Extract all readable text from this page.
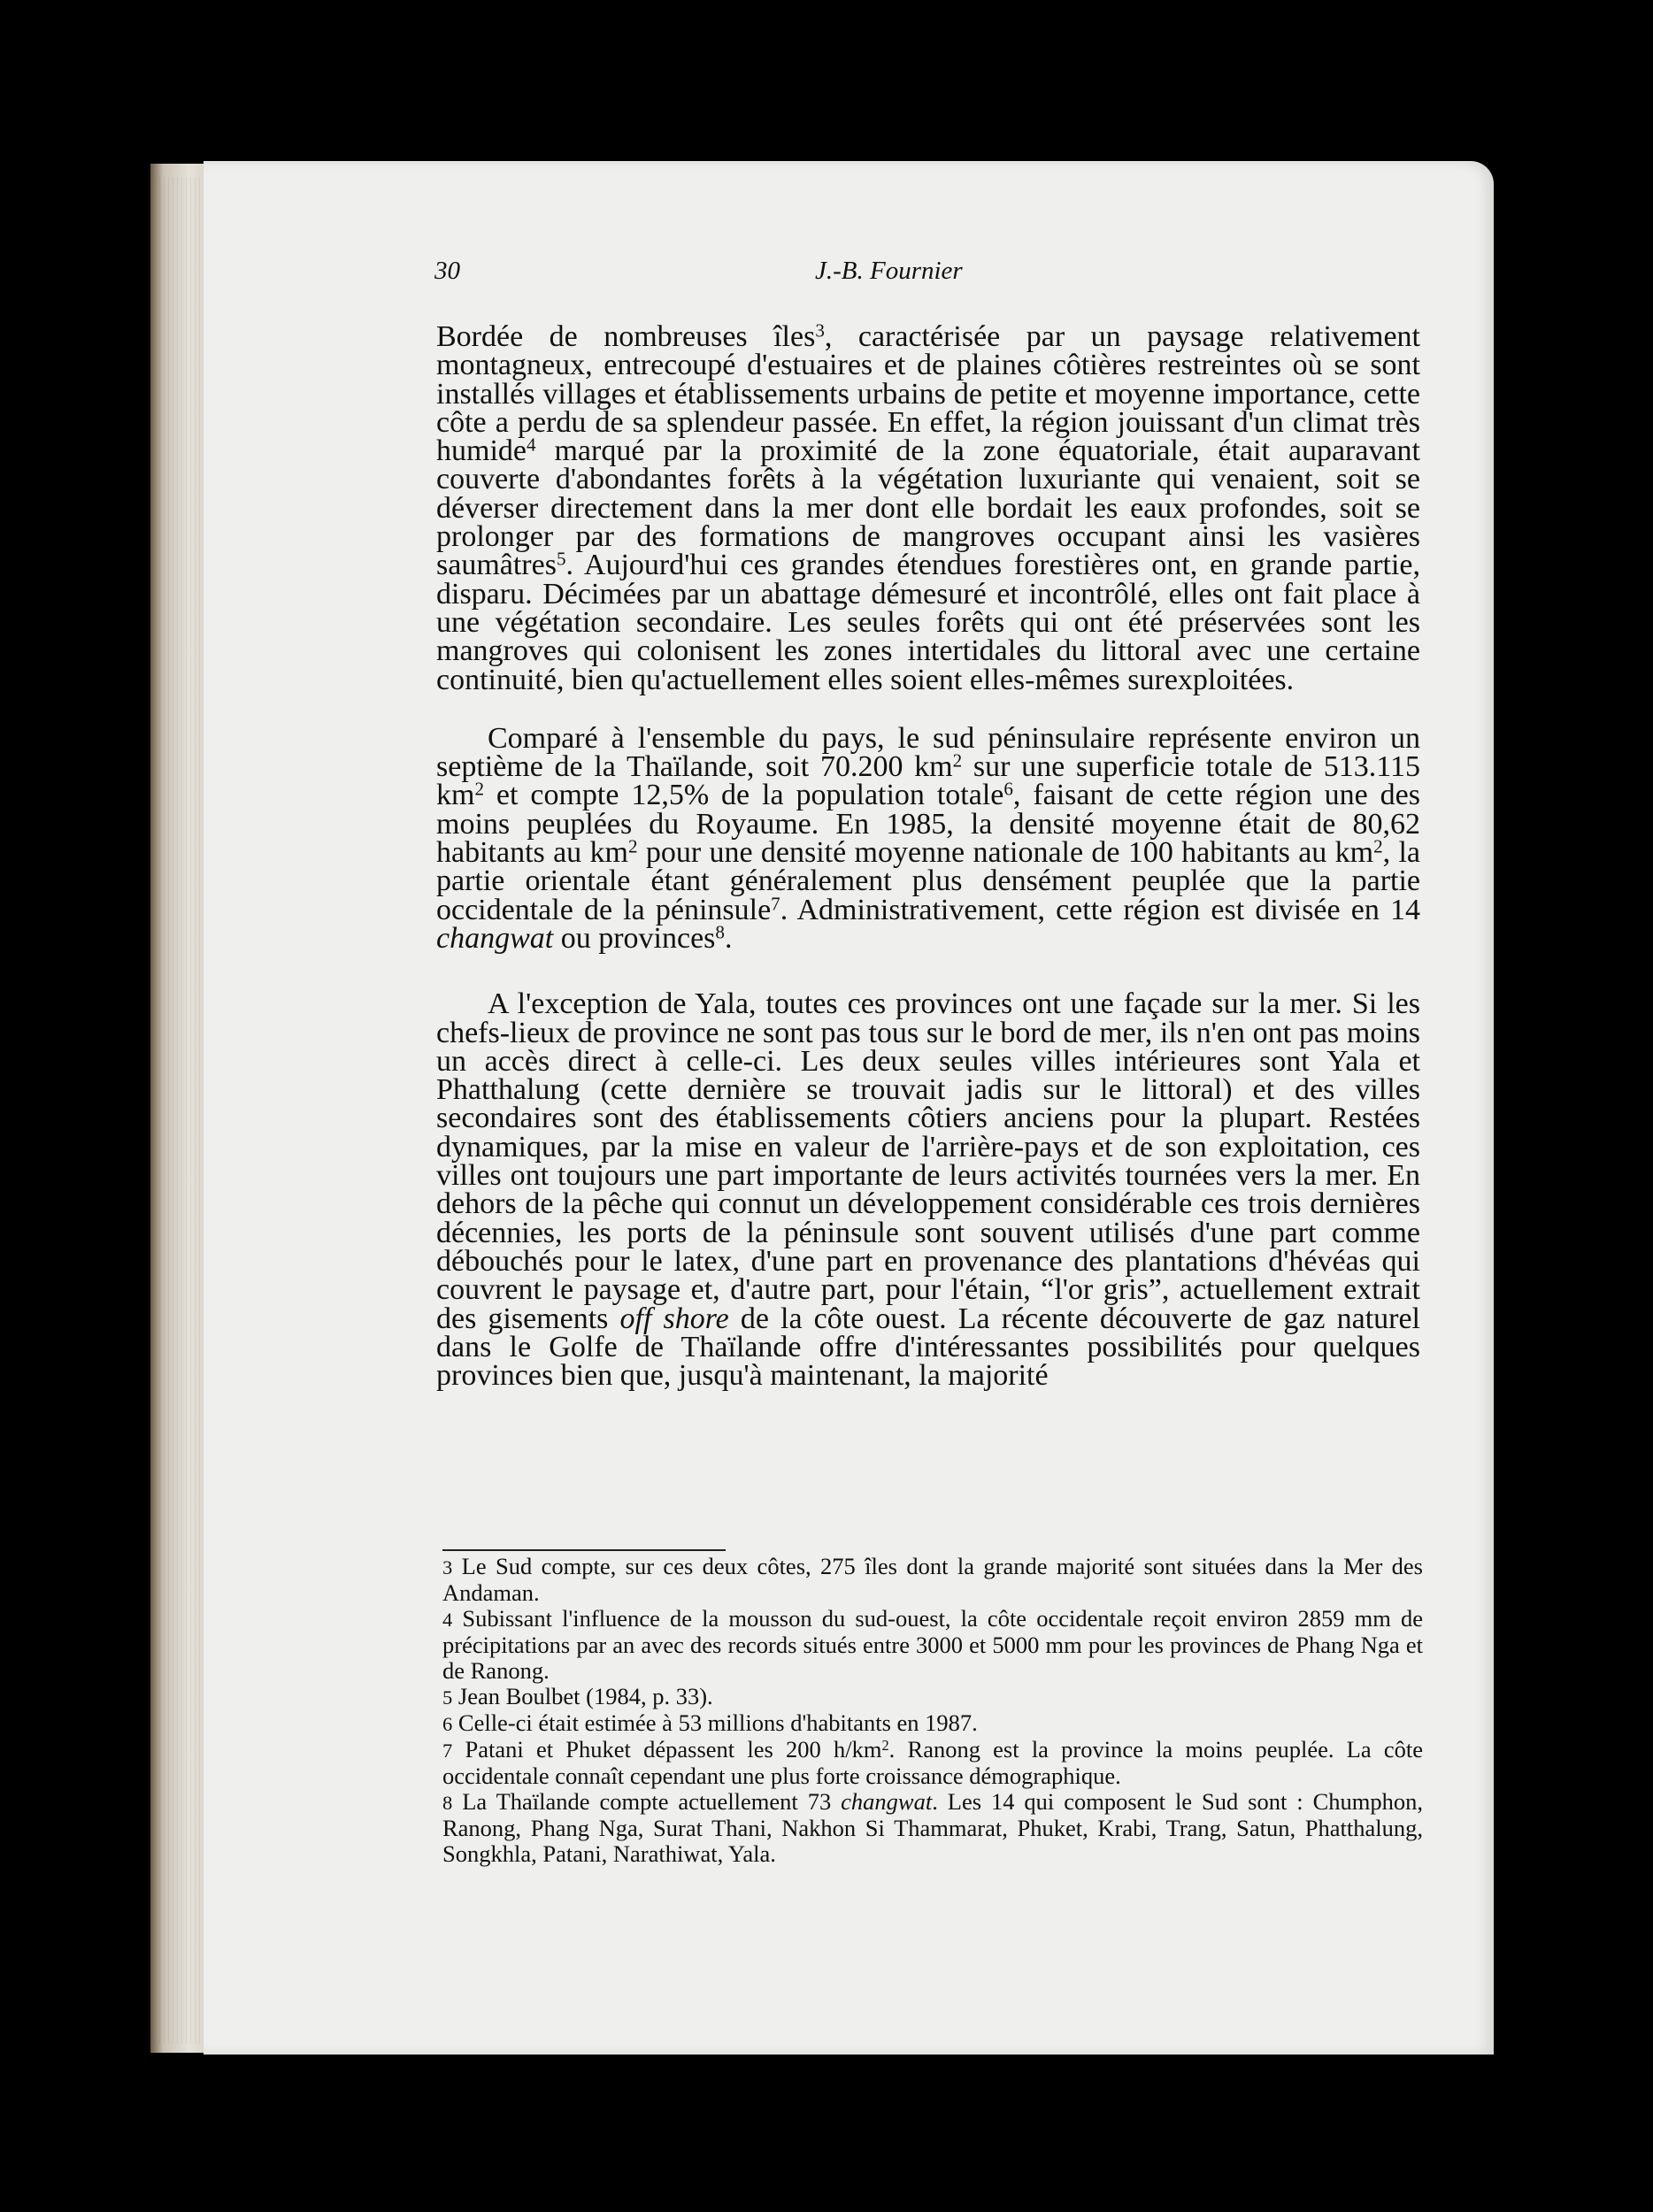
30	J.-B. Fournier

Bordée de nombreuses îles$^3$, caractérisée par un paysage relativement montagneux, entrecoupé d'estuaires et de plaines côtières restreintes où se sont installés villages et établissements urbains de petite et moyenne importance, cette côte a perdu de sa splendeur passée. En effet, la région jouissant d'un climat très humide$^4$ marqué par la proximité de la zone équatoriale, était auparavant couverte d'abondantes forêts à la végétation luxuriante qui venaient, soit se déverser directement dans la mer dont elle bordait les eaux profondes, soit se prolonger par des formations de mangroves occupant ainsi les vasières saumâtres$^5$. Aujourd'hui ces grandes étendues forestières ont, en grande partie, disparu. Décimées par un abattage démesuré et incontrôlé, elles ont fait place à une végétation secondaire. Les seules forêts qui ont été préservées sont les mangroves qui colonisent les zones intertidales du littoral avec une certaine continuité, bien qu'actuellement elles soient elles-mêmes surexploitées.

Comparé à l'ensemble du pays, le sud péninsulaire représente environ un septième de la Thaïlande, soit 70.200 $km^2$ sur une superficie totale de 513.115 $km^2$ et compte 12,5% de la population totale$^6$, faisant de cette région une des moins peuplées du Royaume. En 1985, la densité moyenne était de 80,62 habitants au $km^2$ pour une densité moyenne nationale de 100 habitants au $km^2$, la partie orientale étant généralement plus densément peuplée que la partie occidentale de la péninsule$^7$. Administrativement, cette région est divisée en 14 changwat ou provinces$^8$.

A l'exception de Yala, toutes ces provinces ont une façade sur la mer. Si les chefs-lieux de province ne sont pas tous sur le bord de mer, ils n'en ont pas moins un accès direct à celle-ci. Les deux seules villes intérieures sont Yala et Phatthalung (cette dernière se trouvait jadis sur le littoral) et des villes secondaires sont des établissements côtiers anciens pour la plupart. Restées dynamiques, par la mise en valeur de l'arrière-pays et de son exploitation, ces villes ont toujours une part importante de leurs activités tournées vers la mer. En dehors de la pêche qui connut un développement considérable ces trois dernières décennies, les ports de la péninsule sont souvent utilisés d'une part comme débouchés pour le latex, d'une part en provenance des plantations d'hévéas qui couvrent le paysage et, d'autre part, pour l'étain, “l'or gris”, actuellement extrait des gisements off shore de la côte ouest. La récente découverte de gaz naturel dans le Golfe de Thaïlande offre d'intéressantes possibilités pour quelques provinces bien que, jusqu'à maintenant, la majorité

3 Le Sud compte, sur ces deux côtes, 275 îles dont la grande majorité sont situées dans la Mer des Andaman.

4 Subissant l'influence de la mousson du sud-ouest, la côte occidentale reçoit environ 2859 mm de précipitations par an avec des records situés entre 3000 et 5000 mm pour les provinces de Phang Nga et de Ranong.

5 Jean Boulbet (1984, p. 33).

6 Celle-ci était estimée à 53 millions d'habitants en 1987.

7 Patani et Phuket dépassent les 200 $h/km^2$. Ranong est la province la moins peuplée. La côte occidentale connaît cependant une plus forte croissance démographique.

8 La Thaïlande compte actuellement 73 changwat. Les 14 qui composent le Sud sont : Chumphon, Ranong, Phang Nga, Surat Thani, Nakhon Si Thammarat, Phuket, Krabi, Trang, Satun, Phatthalung, Songkhla, Patani, Narathiwat, Yala.
